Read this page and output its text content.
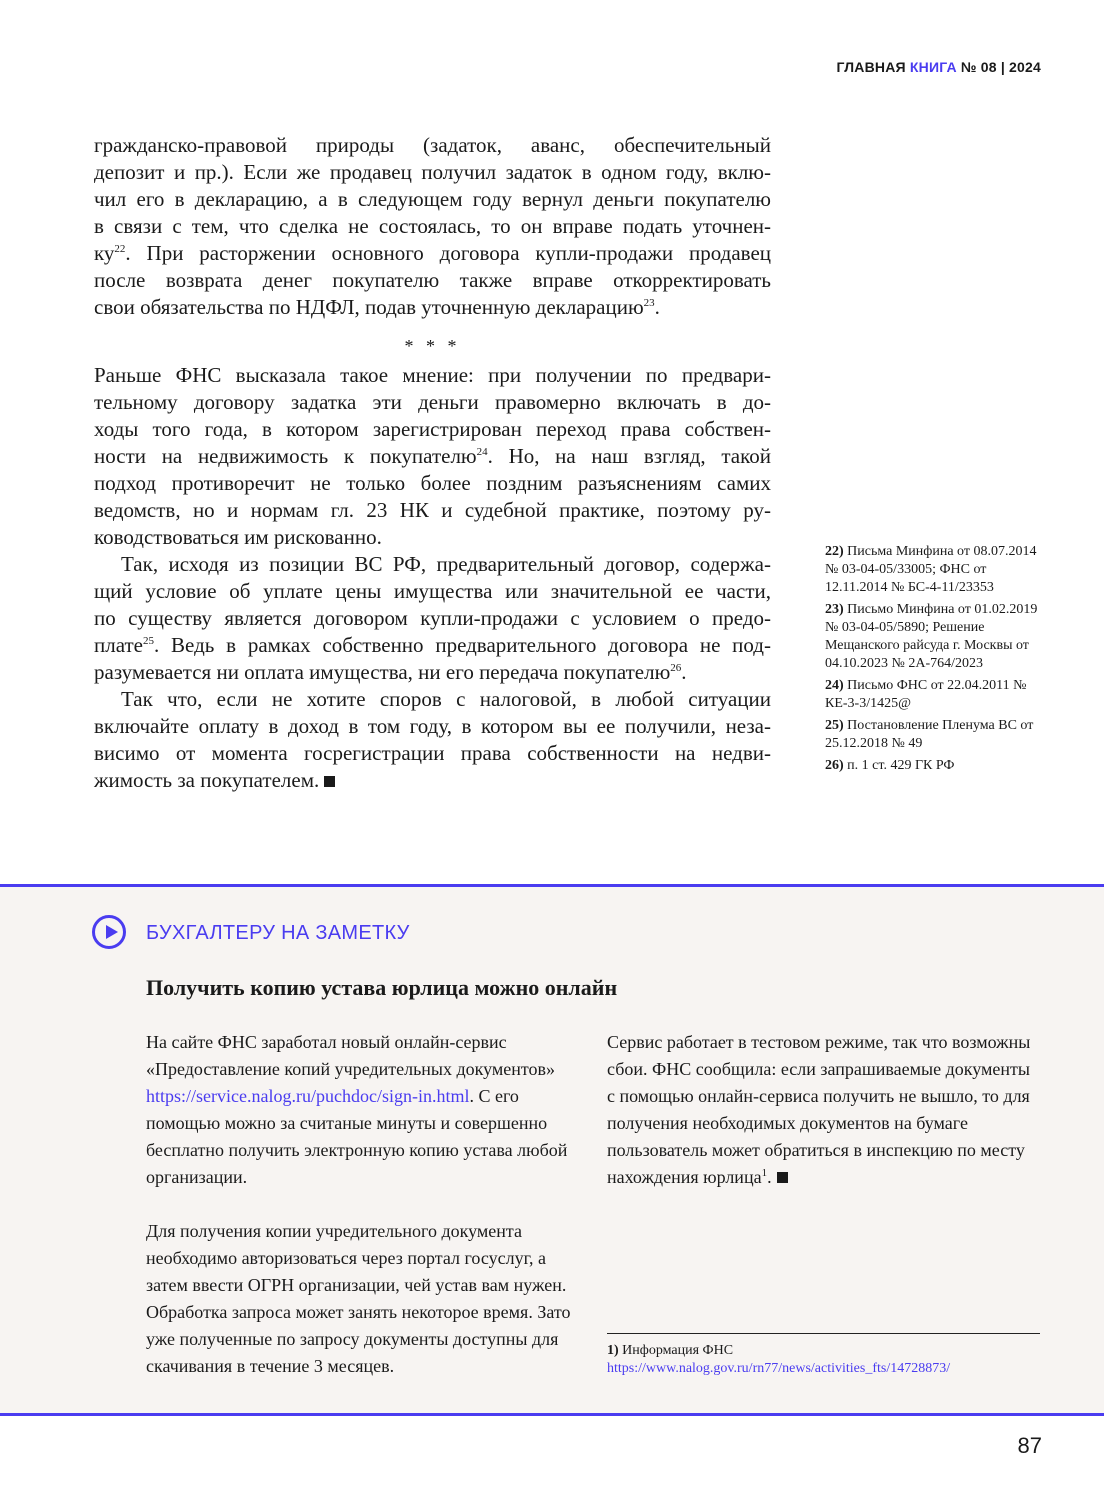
ГЛАВНАЯ КНИГА № 08 | 2024
гражданско-правовой природы (задаток, аванс, обеспечительный
депозит и пр.). Если же продавец получил задаток в одном году, вклю-
чил его в декларацию, а в следующем году вернул деньги покупателю
в связи с тем, что сделка не состоялась, то он вправе подать уточнен-
$ку^{22}$. При расторжении основного договора купли-продажи продавец
после возврата денег покупателю также вправе откорректировать
свои обязательства по НДФЛ, подав уточненную декларацию$^{23}$.
* * *
Раньше ФНС высказала такое мнение: при получении по предвари-
тельному договору задатка эти деньги правомерно включать в до-
ходы того года, в котором зарегистрирован переход права собствен-
ности на недвижимость к покупателю$^{24}$. Но, на наш взгляд, такой
подход противоречит не только более поздним разъяснениям самих
ведомств, но и нормам гл. 23 НК и судебной практике, поэтому ру-
ководствоваться им рискованно.
Так, исходя из позиции ВС РФ, предварительный договор, содержа-
щий условие об уплате цены имущества или значительной ее части,
по существу является договором купли-продажи с условием о предо-
плате$^{25}$. Ведь в рамках собственно предварительного договора не под-
разумевается ни оплата имущества, ни его передача покупателю$^{26}$.
Так что, если не хотите споров с налоговой, в любой ситуации
включайте оплату в доход в том году, в котором вы ее получили, неза-
висимо от момента госрегистрации права собственности на недви-
жимость за покупателем.
22) Письма Минфина от 08.07.2014 № 03-04-05/33005; ФНС от 12.11.2014 № БС-4-11/23353
23) Письмо Минфина от 01.02.2019 № 03-04-05/5890; Решение Мещанского райсуда г. Москвы от 04.10.2023 № 2А-764/2023
24) Письмо ФНС от 22.04.2011 № КЕ-3-3/1425@
25) Постановление Пленума ВС от 25.12.2018 № 49
26) п. 1 ст. 429 ГК РФ
БУХГАЛТЕРУ НА ЗАМЕТКУ
Получить копию устава юрлица можно онлайн

На сайте ФНС заработал новый онлайн-сервис «Предоставление копий учредительных документов» https://service.nalog.ru/puchdoc/sign-in.html. С его помощью можно за считаные минуты и совершенно бесплатно получить электронную копию устава любой организации.

Для получения копии учредительного документа необходимо авторизоваться через портал госуслуг, а затем ввести ОГРН организации, чей устав вам нужен. Обработка запроса может занять некоторое время. Зато уже полученные по запросу документы доступны для скачивания в течение 3 месяцев.

Сервис работает в тестовом режиме, так что возможны сбои. ФНС сообщила: если запрашиваемые документы с помощью онлайн-сервиса получить не вышло, то для получения необходимых документов на бумаге пользователь может обратиться в инспекцию по месту нахождения юрлица$^1$.

1) Информация ФНС
https://www.nalog.gov.ru/rn77/news/activities_fts/14728873/
87
